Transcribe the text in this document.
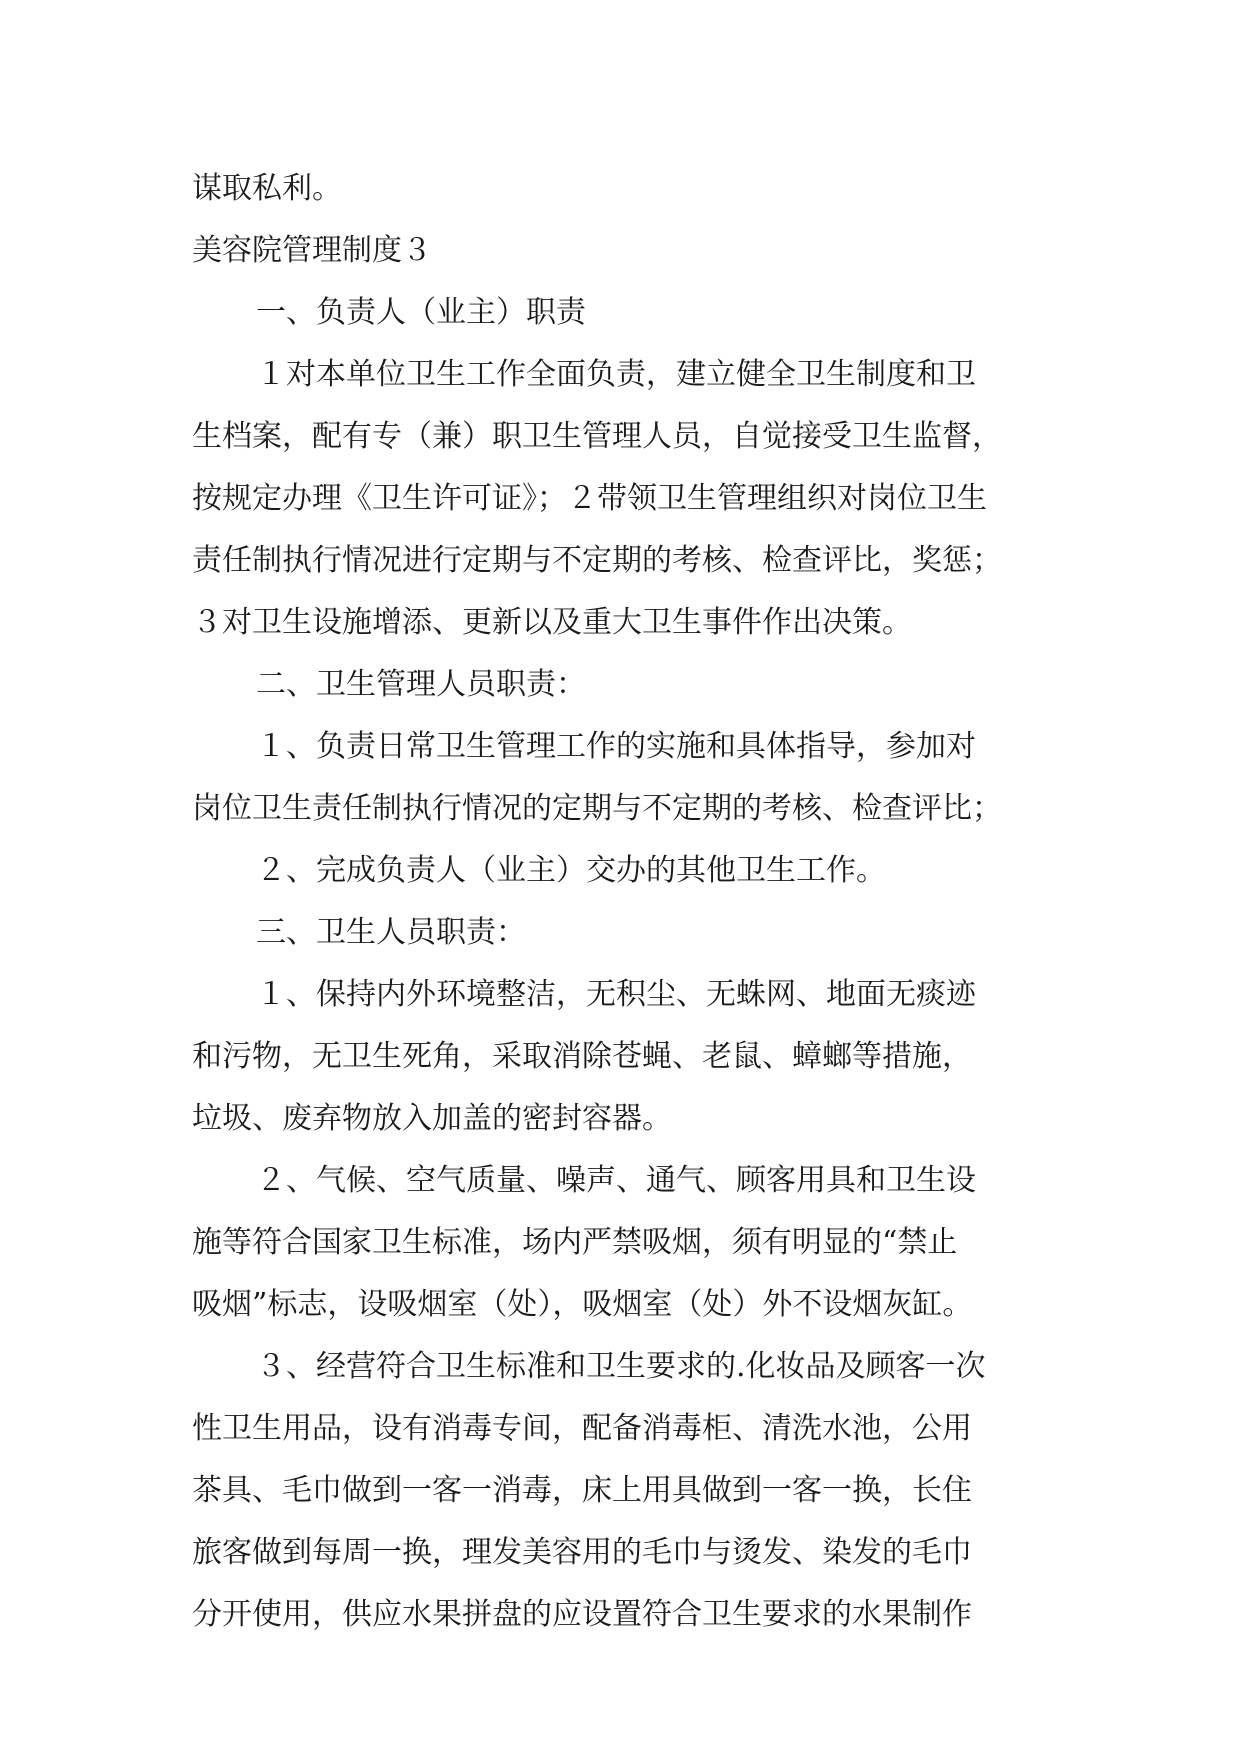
谋取私利。
美容院管理制度３
一、负责人（业主）职责
１对本单位卫生工作全面负责，建立健全卫生制度和卫
生档案，配有专（兼）职卫生管理人员，自觉接受卫生监督，
按规定办理《卫生许可证》；２带领卫生管理组织对岗位卫生
责任制执行情况进行定期与不定期的考核、检查评比，奖惩；
３对卫生设施增添、更新以及重大卫生事件作出决策。
二、卫生管理人员职责：
１、负责日常卫生管理工作的实施和具体指导，参加对
岗位卫生责任制执行情况的定期与不定期的考核、检查评比；
２、完成负责人（业主）交办的其他卫生工作。
三、卫生人员职责：
１、保持内外环境整洁，无积尘、无蛛网、地面无痰迹
和污物，无卫生死角，采取消除苍蝇、老鼠、蟑螂等措施，
垃圾、废弃物放入加盖的密封容器。
２、气候、空气质量、噪声、通气、顾客用具和卫生设
施等符合国家卫生标准，场内严禁吸烟，须有明显的“禁止
吸烟”标志，设吸烟室（处），吸烟室（处）外不设烟灰缸。
３、经营符合卫生标准和卫生要求的.化妆品及顾客一次
性卫生用品，设有消毒专间，配备消毒柜、清洗水池，公用
茶具、毛巾做到一客一消毒，床上用具做到一客一换，长住
旅客做到每周一换，理发美容用的毛巾与烫发、染发的毛巾
分开使用，供应水果拼盘的应设置符合卫生要求的水果制作
